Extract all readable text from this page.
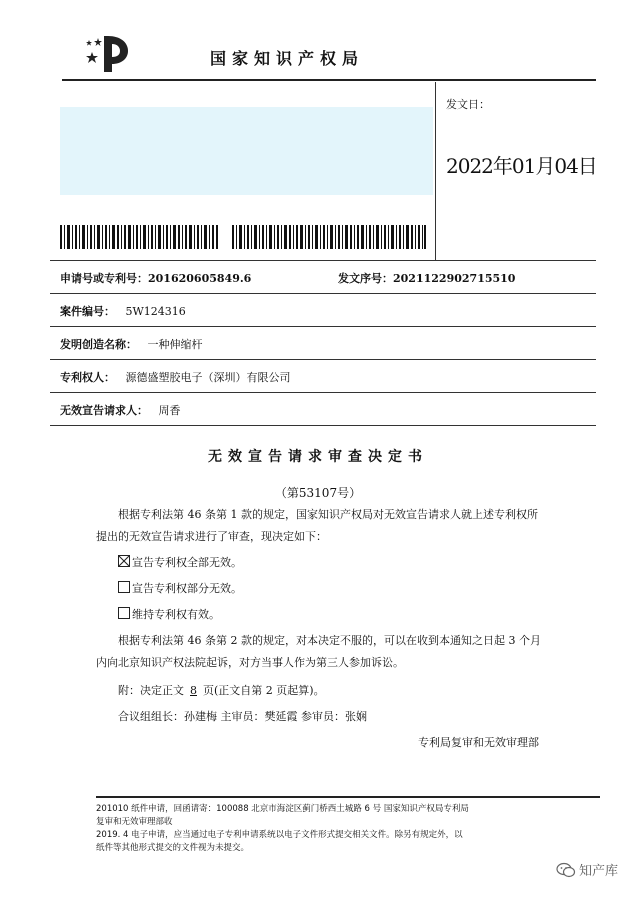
国家知识产权局
发文日：
2022年01月04日
申请号或专利号：201620605849.6	发文序号：2021122902715510
案件编号： 5W124316
发明创造名称： 一种伸缩杆
专利权人： 源德盛塑胶电子（深圳）有限公司
无效宣告请求人： 周香
无效宣告请求审查决定书
（第53107号）
根据专利法第 46 条第 1 款的规定，国家知识产权局对无效宣告请求人就上述专利权所
提出的无效宣告请求进行了审查，现决定如下：
宣告专利权全部无效。
宣告专利权部分无效。
维持专利权有效。
根据专利法第 46 条第 2 款的规定，对本决定不服的，可以在收到本通知之日起 3 个月
内向北京知识产权法院起诉，对方当事人作为第三人参加诉讼。
附：决定正文 8 页(正文自第 2 页起算)。
合议组组长：孙建梅 主审员：樊延霞 参审员：张娴
专利局复审和无效审理部
201010 纸件申请，回函请寄：100088 北京市海淀区蓟门桥西土城路 6 号 国家知识产权局专利局
复审和无效审理部收
2019. 4 电子申请，应当通过电子专利申请系统以电子文件形式提交相关文件。除另有规定外，以
纸件等其他形式提交的文件视为未提交。
知产库
